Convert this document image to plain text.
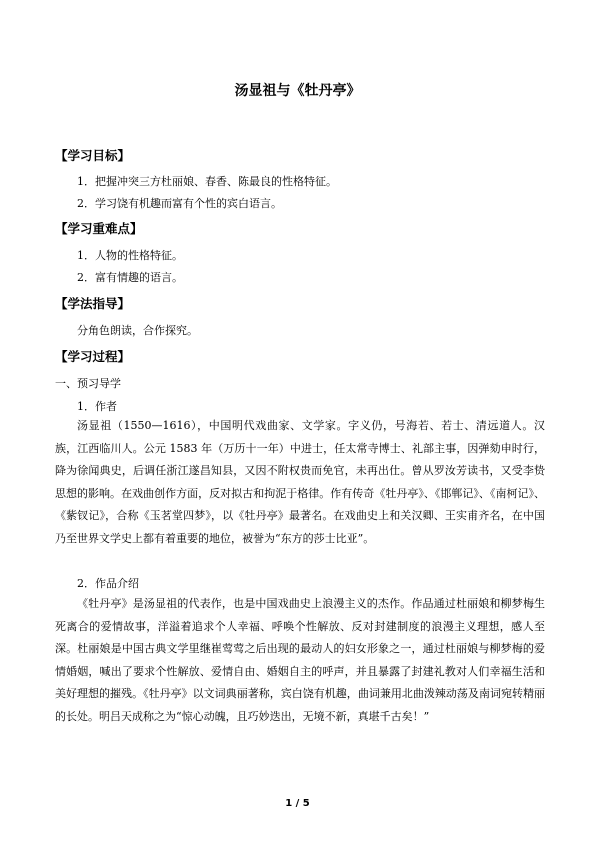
汤显祖与《牡丹亭》
【学习目标】
1．把握冲突三方杜丽娘、春香、陈最良的性格特征。
2．学习饶有机趣而富有个性的宾白语言。
【学习重难点】
1．人物的性格特征。
2．富有情趣的语言。
【学法指导】
分角色朗读，合作探究。
【学习过程】
一、预习导学
1．作者
汤显祖（1550—1616），中国明代戏曲家、文学家。字义仍，号海若、若士、清远道人。汉族，江西临川人。公元 1583 年（万历十一年）中进士，任太常寺博士、礼部主事，因弹劾申时行，降为徐闻典史，后调任浙江遂昌知县，又因不附权贵而免官，未再出仕。曾从罗汝芳读书，又受李贽思想的影响。在戏曲创作方面，反对拟古和拘泥于格律。作有传奇《牡丹亭》、《邯郸记》、《南柯记》、《紫钗记》，合称《玉茗堂四梦》，以《牡丹亭》最著名。在戏曲史上和关汉卿、王实甫齐名，在中国乃至世界文学史上都有着重要的地位，被誉为“东方的莎士比亚”。
2．作品介绍
《牡丹亭》是汤显祖的代表作，也是中国戏曲史上浪漫主义的杰作。作品通过杜丽娘和柳梦梅生死离合的爱情故事，洋溢着追求个人幸福、呼唤个性解放、反对封建制度的浪漫主义理想，感人至深。杜丽娘是中国古典文学里继崔莺莺之后出现的最动人的妇女形象之一，通过杜丽娘与柳梦梅的爱情婚姻，喊出了要求个性解放、爱情自由、婚姻自主的呼声，并且暴露了封建礼教对人们幸福生活和美好理想的摧残。《牡丹亭》以文词典丽著称，宾白饶有机趣，曲词兼用北曲泼辣动荡及南词宛转精丽的长处。明吕天成称之为“惊心动魄，且巧妙迭出，无境不新，真堪千古矣！”
1 / 5
